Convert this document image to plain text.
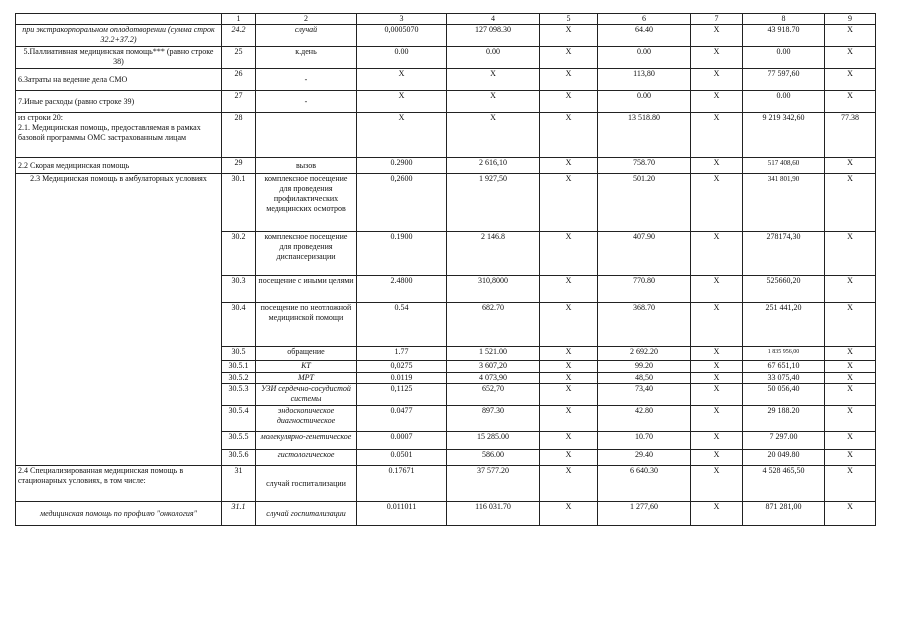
	1	2	3	4	5	6	7	8	9
при экстракорпоральном оплодотворении (сумма строк 32.2+37.2)	24.2	случай	0,0005070	127 098.30	Х	64.40	Х	43 918.70	Х
5.Паллиативная медицинская помощь*** (равно строке 38)	25	к.день	0.00	0.00	Х	0.00	Х	0.00	Х
6.Затраты на ведение дела СМО	26	-	Х	Х	Х	113,80	Х	77 597,60	Х
7.Иные расходы (равно строке 39)	27	-	Х	Х	Х	0.00	Х	0.00	Х
из строки 20:
2.1. Медицинская помощь, предоставляемая в рамках базовой программы ОМС застрахованным лицам	28		Х	Х	Х	13 518.80	Х	9 219 342,60	77.38
2.2 Скорая медицинская помощь	29	вызов	0.2900	2 616,10	Х	758.70	Х	517 408,60	Х
2.3 Медицинская помощь в амбулаторных условиях	30.1	комплексное посещение для проведения профилактических медицинских осмотров	0,2600	1 927,50	Х	501.20	Х	341 801,90	Х
	30.2	комплексное посещение для проведения диспансеризации	0.1900	2 146.8	Х	407.90	Х	278174,30	Х
	30.3	посещение с иными целями	2.4800	310,8000	Х	770.80	Х	525660,20	Х
	30.4	посещение по неотложной медицинской помощи	0.54	682.70	Х	368.70	Х	251 441,20	Х
	30.5	обращение	1.77	1 521.00	Х	2 692.20	Х	1 835 956,00	Х
	30.5.1	КТ	0,0275	3 607,20	Х	99.20	Х	67 651,10	Х
	30.5.2	МРТ	0.0119	4 073,90	Х	48,50	Х	33 075,40	Х
	30.5.3	УЗИ сердечно-сосудистой системы	0,1125	652,70	Х	73,40	Х	50 056,40	Х
	30.5.4	эндоскопическое диагностическое	0.0477	897.30	Х	42.80	Х	29 188.20	Х
	30.5.5	молекулярно-генетическое	0.0007	15 285.00	Х	10.70	Х	7 297.00	Х
	30.5.6	гистологическое	0.0501	586.00	Х	29.40	Х	20 049.80	Х
2.4 Специализированная медицинская помощь в стационарных условиях, в том числе:	31	случай госпитализации	0.17671	37 577.20	Х	6 640.30	Х	4 528 465,50	Х
медицинская помощь по профилю "онкология"	31.1	случай госпитализации	0.011011	116 031.70	Х	1 277,60	Х	871 281,00	Х
